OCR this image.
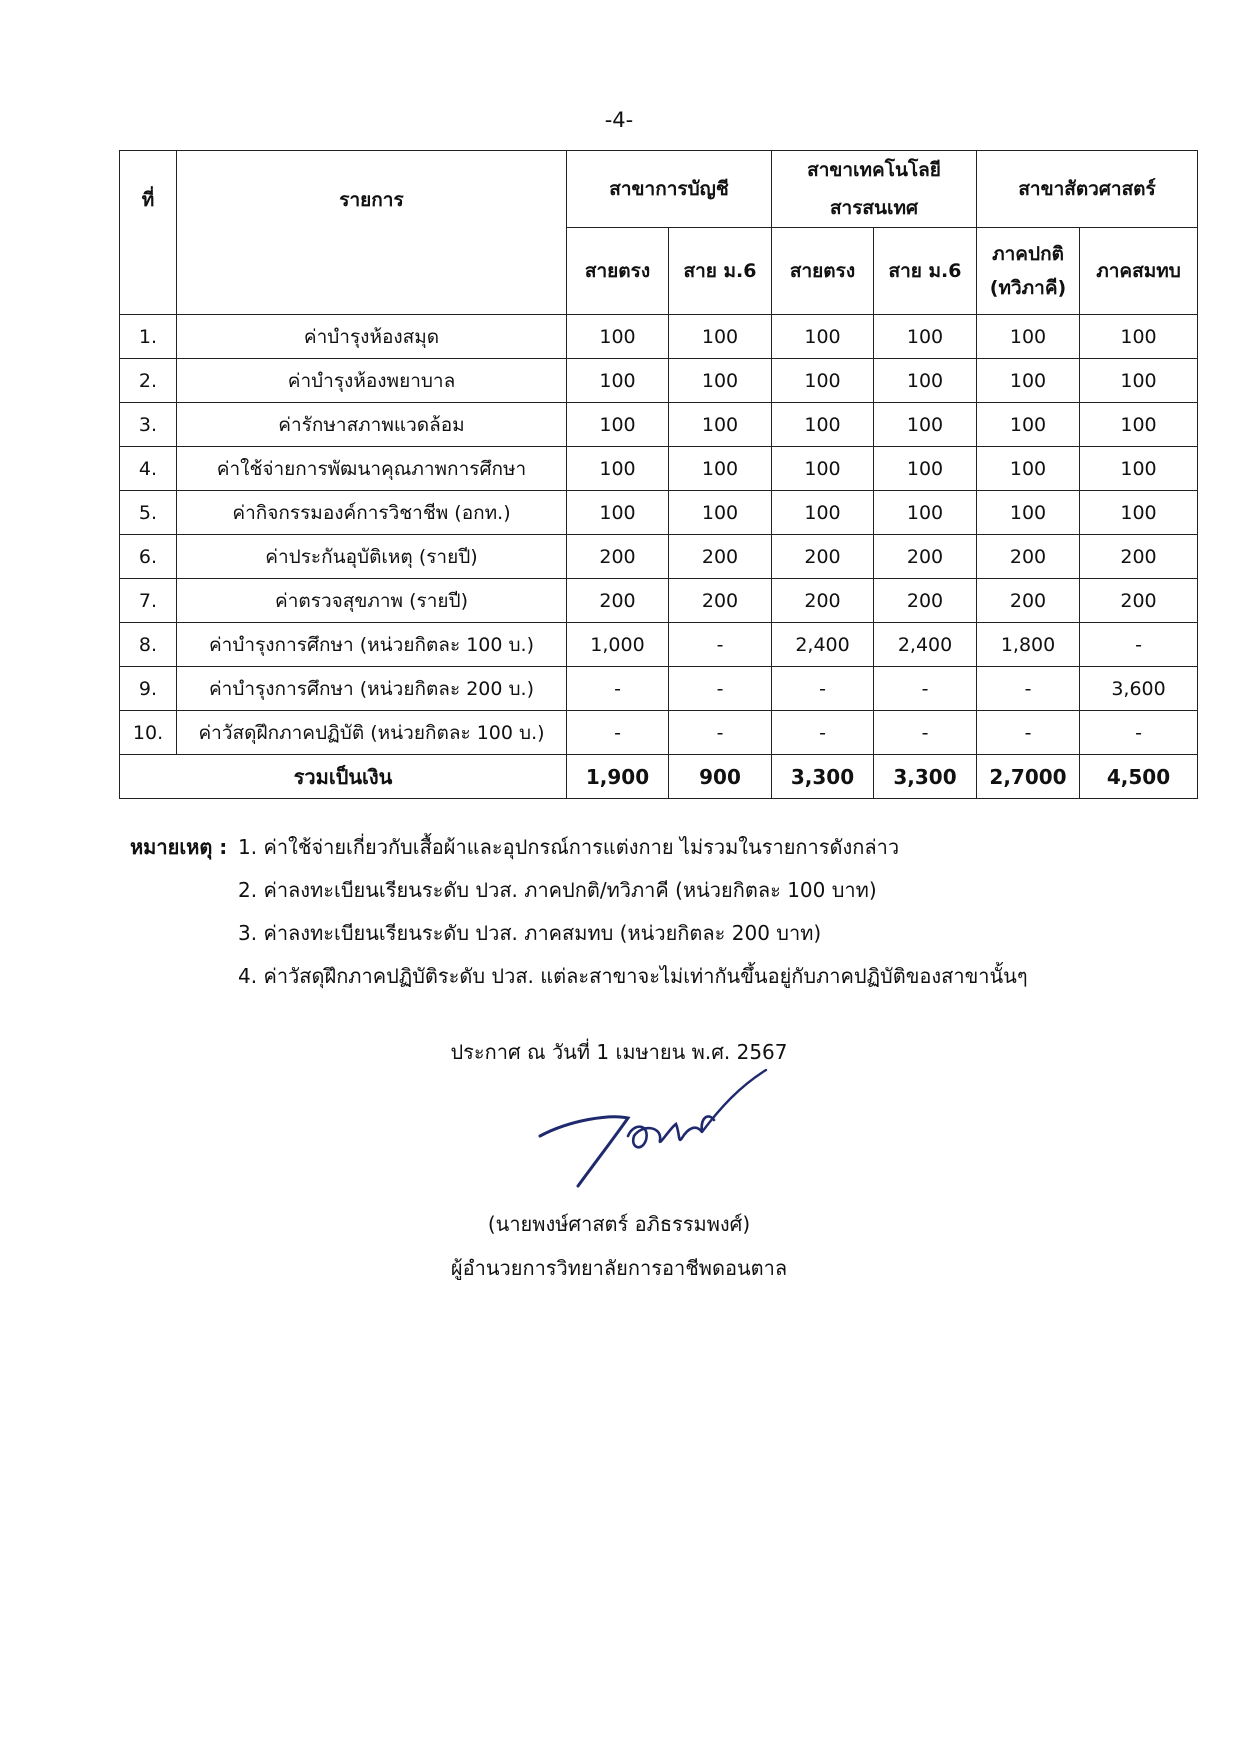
-4-
ที่	รายการ	สาขาการบัญชี		สาขาเทคโนโลยีสารสนเทศ		สาขาสัตวศาสตร์	
		สายตรง	สาย ม.6	สายตรง	สาย ม.6	ภาคปกติ (ทวิภาคี)	ภาคสมทบ
1.	ค่าบำรุงห้องสมุด	100	100	100	100	100	100
2.	ค่าบำรุงห้องพยาบาล	100	100	100	100	100	100
3.	ค่ารักษาสภาพแวดล้อม	100	100	100	100	100	100
4.	ค่าใช้จ่ายการพัฒนาคุณภาพการศึกษา	100	100	100	100	100	100
5.	ค่ากิจกรรมองค์การวิชาชีพ (อกท.)	100	100	100	100	100	100
6.	ค่าประกันอุบัติเหตุ (รายปี)	200	200	200	200	200	200
7.	ค่าตรวจสุขภาพ (รายปี)	200	200	200	200	200	200
8.	ค่าบำรุงการศึกษา (หน่วยกิตละ 100 บ.)	1,000	-	2,400	2,400	1,800	-
9.	ค่าบำรุงการศึกษา (หน่วยกิตละ 200 บ.)	-	-	-	-	-	3,600
10.	ค่าวัสดุฝึกภาคปฏิบัติ (หน่วยกิตละ 100 บ.)	-	-	-	-	-	-
รวมเป็นเงิน		1,900	900	3,300	3,300	2,7000	4,500
หมายเหตุ : 1. ค่าใช้จ่ายเกี่ยวกับเสื้อผ้าและอุปกรณ์การแต่งกาย ไม่รวมในรายการดังกล่าว
2. ค่าลงทะเบียนเรียนระดับ ปวส. ภาคปกติ/ทวิภาคี (หน่วยกิตละ 100 บาท)
3. ค่าลงทะเบียนเรียนระดับ ปวส. ภาคสมทบ (หน่วยกิตละ 200 บาท)
4. ค่าวัสดุฝึกภาคปฏิบัติระดับ ปวส. แต่ละสาขาจะไม่เท่ากันขึ้นอยู่กับภาคปฏิบัติของสาขานั้นๆ
ประกาศ ณ วันที่ 1 เมษายน พ.ศ. 2567
(นายพงษ์ศาสตร์ อภิธรรมพงศ์)
ผู้อำนวยการวิทยาลัยการอาชีพดอนตาล
